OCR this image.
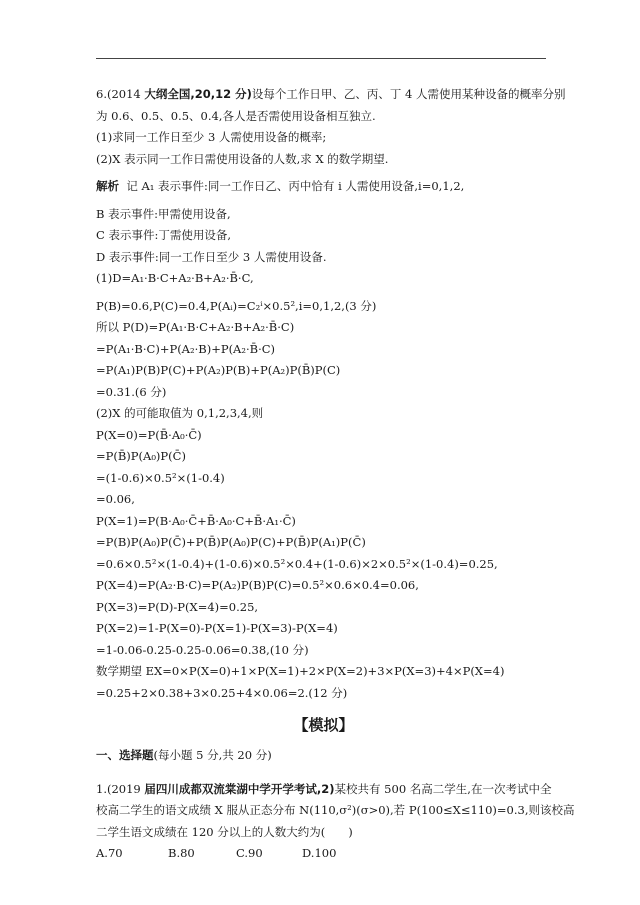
6.(2014 大纲全国,20,12 分)设每个工作日甲、乙、丙、丁 4 人需使用某种设备的概率分别
为 0.6、0.5、0.5、0.4,各人是否需使用设备相互独立.
(1)求同一工作日至少 3 人需使用设备的概率;
(2)X 表示同一工作日需使用设备的人数,求 X 的数学期望.
解析 记 A₁ 表示事件:同一工作日乙、丙中恰有 i 人需使用设备,i=0,1,2,
B 表示事件:甲需使用设备,
C 表示事件:丁需使用设备,
D 表示事件:同一工作日至少 3 人需使用设备.
(1)D=A₁·B·C+A₂·B+A₂·B̄·C,
P(B)=0.6,P(C)=0.4,P(Aᵢ)=C₂ⁱ×0.5²,i=0,1,2,(3 分)
所以 P(D)=P(A₁·B·C+A₂·B+A₂·B̄·C)
=P(A₁·B·C)+P(A₂·B)+P(A₂·B̄·C)
=P(A₁)P(B)P(C)+P(A₂)P(B)+P(A₂)P(B̄)P(C)
=0.31.(6 分)
(2)X 的可能取值为 0,1,2,3,4,则
P(X=0)=P(B̄·A₀·C̄)
=P(B̄)P(A₀)P(C̄)
=(1-0.6)×0.5²×(1-0.4)
=0.06,
P(X=1)=P(B·A₀·C̄+B̄·A₀·C+B̄·A₁·C̄)
=P(B)P(A₀)P(C̄)+P(B̄)P(A₀)P(C)+P(B̄)P(A₁)P(C̄)
=0.6×0.5²×(1-0.4)+(1-0.6)×0.5²×0.4+(1-0.6)×2×0.5²×(1-0.4)=0.25,
P(X=4)=P(A₂·B·C)=P(A₂)P(B)P(C)=0.5²×0.6×0.4=0.06,
P(X=3)=P(D)-P(X=4)=0.25,
P(X=2)=1-P(X=0)-P(X=1)-P(X=3)-P(X=4)
=1-0.06-0.25-0.25-0.06=0.38,(10 分)
数学期望 EX=0×P(X=0)+1×P(X=1)+2×P(X=2)+3×P(X=3)+4×P(X=4)
=0.25+2×0.38+3×0.25+4×0.06=2.(12 分)
【模拟】
一、选择题(每小题 5 分,共 20 分)
1.(2019 届四川成都双流棠湖中学开学考试,2)某校共有 500 名高二学生,在一次考试中全
校高二学生的语文成绩 X 服从正态分布 N(110,σ²)(σ>0),若 P(100≤X≤110)=0.3,则该校高
二学生语文成绩在 120 分以上的人数大约为(　　)
A.70	B.80	C.90	D.100
